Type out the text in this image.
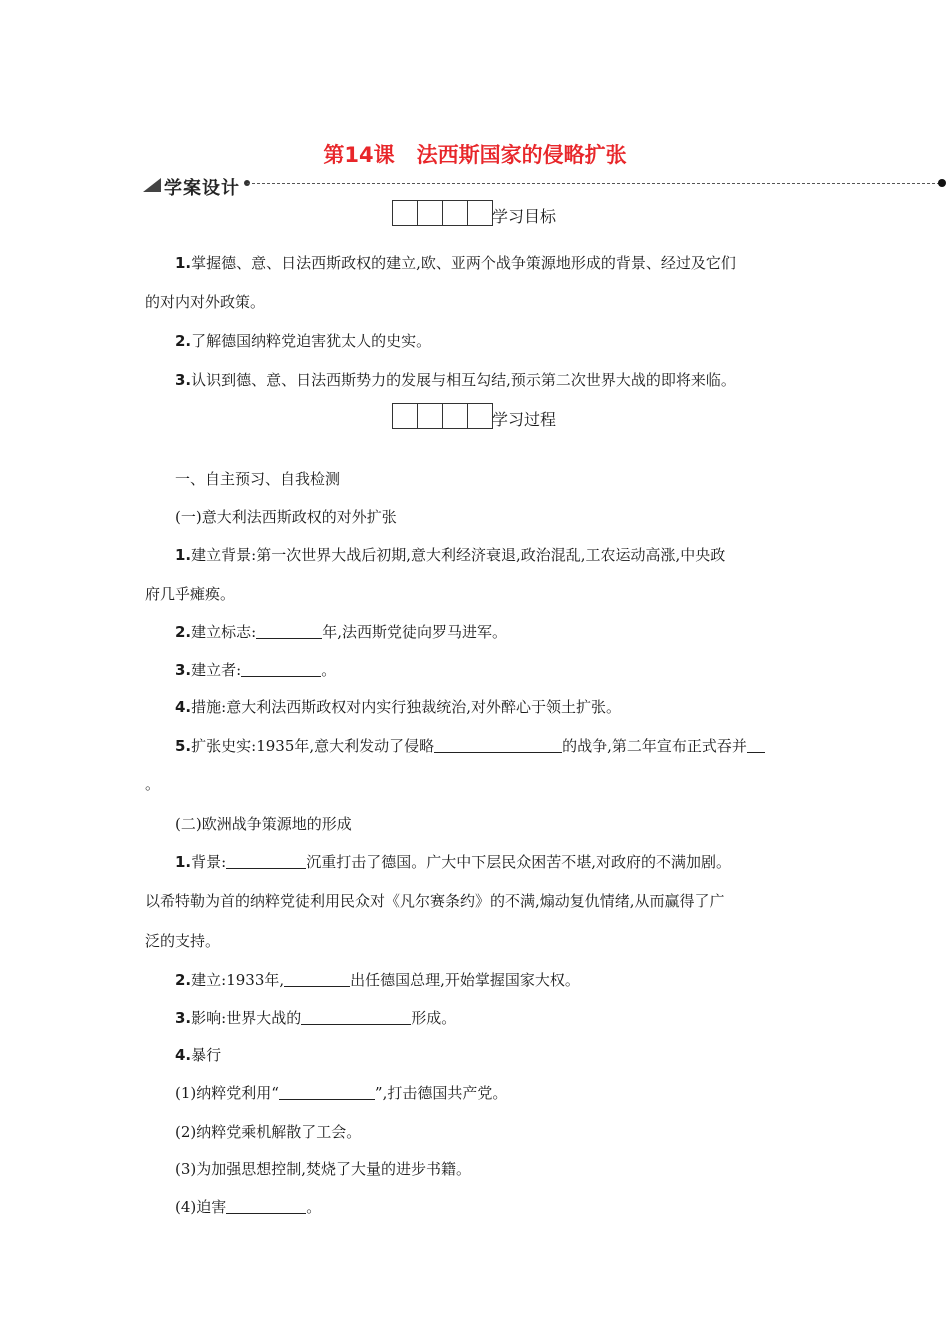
第14课 法西斯国家的侵略扩张
学案设计
学习目标
1.掌握德、意、日法西斯政权的建立,欧、亚两个战争策源地形成的背景、经过及它们
的对内对外政策。
2.了解德国纳粹党迫害犹太人的史实。
3.认识到德、意、日法西斯势力的发展与相互勾结,预示第二次世界大战的即将来临。
学习过程
一、自主预习、自我检测
(一)意大利法西斯政权的对外扩张
1.建立背景:第一次世界大战后初期,意大利经济衰退,政治混乱,工农运动高涨,中央政
府几乎瘫痪。
2.建立标志:	年,法西斯党徒向罗马进军。
3.建立者:	。
4.措施:意大利法西斯政权对内实行独裁统治,对外醉心于领土扩张。
5.扩张史实:1935年,意大利发动了侵略	的战争,第二年宣布正式吞并
。
(二)欧洲战争策源地的形成
1.背景:	沉重打击了德国。广大中下层民众困苦不堪,对政府的不满加剧。
以希特勒为首的纳粹党徒利用民众对《凡尔赛条约》的不满,煽动复仇情绪,从而赢得了广
泛的支持。
2.建立:1933年,	出任德国总理,开始掌握国家大权。
3.影响:世界大战的	形成。
4.暴行
(1)纳粹党利用“	”,打击德国共产党。
(2)纳粹党乘机解散了工会。
(3)为加强思想控制,焚烧了大量的进步书籍。
(4)迫害	。
